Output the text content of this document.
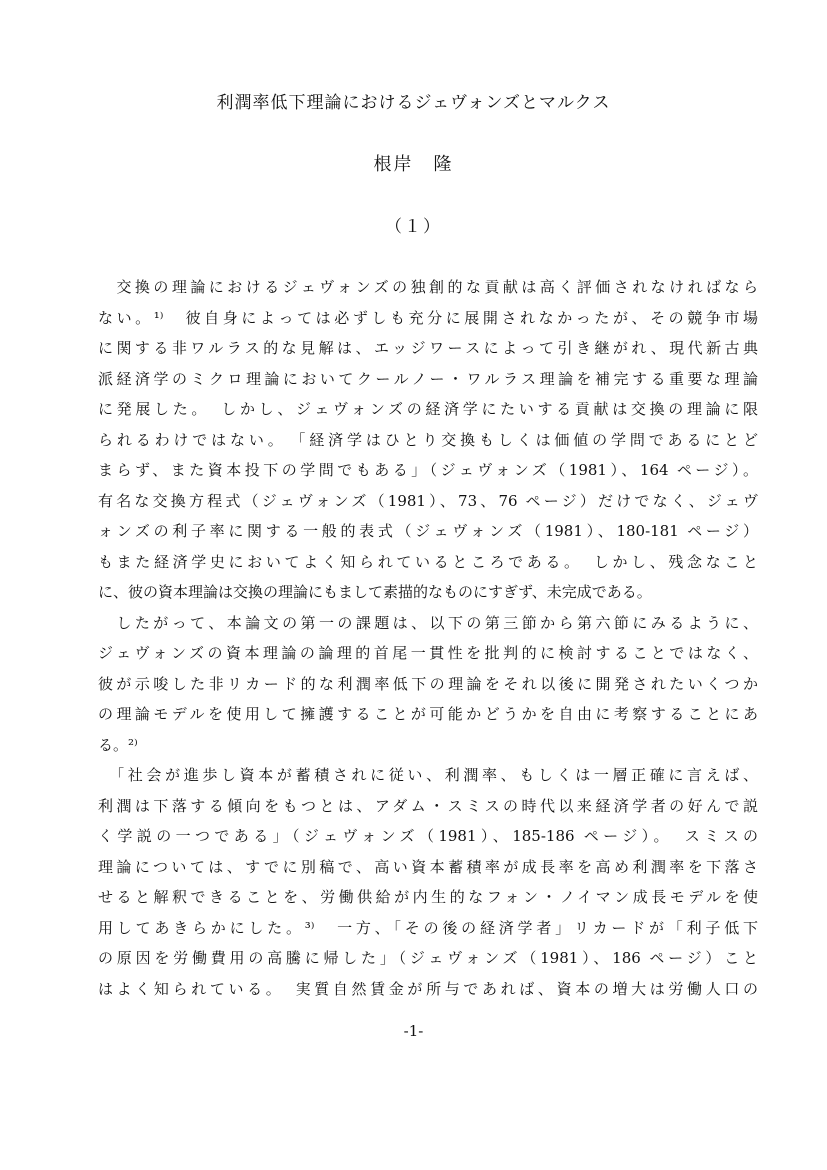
利潤率低下理論におけるジェヴォンズとマルクス
根岸　隆
（１）
　交換の理論におけるジェヴォンズの独創的な貢献は高く評価されなければなら
ない。¹⁾　彼自身によっては必ずしも充分に展開されなかったが、その競争市場
に関する非ワルラス的な見解は、エッジワースによって引き継がれ、現代新古典
派経済学のミクロ理論においてクールノー・ワルラス理論を補完する重要な理論
に発展した。　しかし、ジェヴォンズの経済学にたいする貢献は交換の理論に限
られるわけではない。　「経済学はひとり交換もしくは価値の学問であるにとど
まらず、また資本投下の学問でもある」（ジェヴォンズ（1981）、164 ページ）。
有名な交換方程式（ジェヴォンズ（1981）、73、76 ページ）だけでなく、ジェヴ
ォンズの利子率に関する一般的表式（ジェヴォンズ（1981）、180-181 ページ）
もまた経済学史においてよく知られているところである。　しかし、残念なこと
に、彼の資本理論は交換の理論にもまして素描的なものにすぎず、未完成である。
　したがって、本論文の第一の課題は、以下の第三節から第六節にみるように、
ジェヴォンズの資本理論の論理的首尾一貫性を批判的に検討することではなく、
彼が示唆した非リカード的な利潤率低下の理論をそれ以後に開発されたいくつか
の理論モデルを使用して擁護することが可能かどうかを自由に考察することにあ
る。²⁾
　「社会が進歩し資本が蓄積されに従い、利潤率、もしくは一層正確に言えば、
利潤は下落する傾向をもつとは、アダム・スミスの時代以来経済学者の好んで説
く学説の一つである」（ジェヴォンズ（1981）、185-186 ページ）。　スミスの
理論については、すでに別稿で、高い資本蓄積率が成長率を高め利潤率を下落さ
せると解釈できることを、労働供給が内生的なフォン・ノイマン成長モデルを使
用してあきらかにした。³⁾　一方、「その後の経済学者」リカードが「利子低下
の原因を労働費用の高騰に帰した」（ジェヴォンズ（1981）、186 ページ）こと
はよく知られている。　実質自然賃金が所与であれば、資本の増大は労働人口の
-1-
